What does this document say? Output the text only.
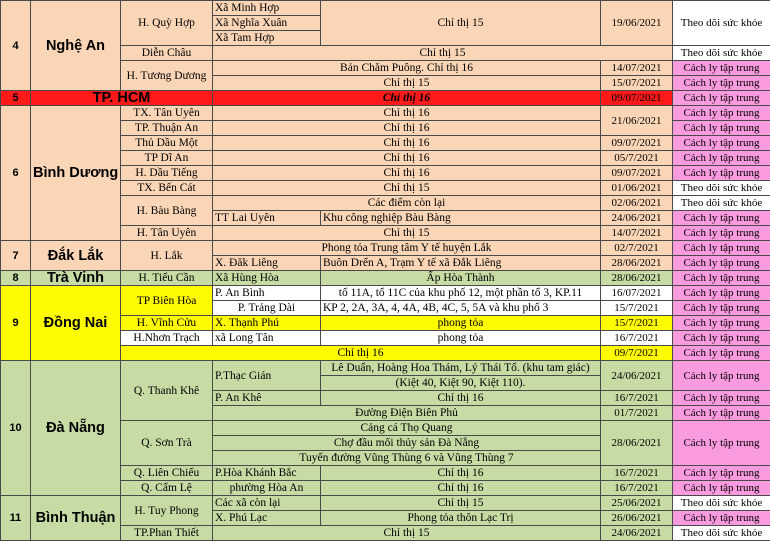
4	Nghệ An	H. Quỳ Hợp	Xã Minh Hợp	Chỉ thị 15	19/06/2021	Theo dõi sức khỏe
			Xã Nghĩa Xuân			
			Xã Tam Hợp			
		Diễn Châu	Chỉ thị 15			Theo dõi sức khỏe
		H. Tương Dương	Bản Chăm Puông. Chỉ thị 16		14/07/2021	Cách ly tập trung
			Chỉ thị 15		15/07/2021	Cách ly tập trung
5	TP. HCM		Chỉ thị 16		09/07/2021	Cách ly tập trung
6	Bình Dương	TX. Tân Uyên	Chỉ thị 16		21/06/2021	Cách ly tập trung
		TP. Thuận An	Chỉ thị 16			Cách ly tập trung
		Thủ Dầu Một	Chỉ thị 16		09/07/2021	Cách ly tập trung
		TP Dĩ An	Chỉ thị 16		05/7/2021	Cách ly tập trung
		H. Dầu Tiếng	Chỉ thị 16		09/07/2021	Cách ly tập trung
		TX. Bến Cát	Chỉ thị 15		01/06/2021	Theo dõi sức khỏe
		H. Bàu Bàng	Các điểm còn lại		02/06/2021	Theo dõi sức khỏe
			TT Lai Uyên	Khu công nghiệp Bàu Bàng	24/06/2021	Cách ly tập trung
		H. Tân Uyên	Chỉ thị 15		14/07/2021	Cách ly tập trung
7	Đắk Lắk	H. Lắk	Phong tỏa Trung tâm Y tế huyện Lắk		02/7/2021	Cách ly tập trung
			X. Đăk Liêng	Buôn Drển A, Trạm Y tế xã Đắk Liêng	28/06/2021	Cách ly tập trung
8	Trà Vinh	H. Tiểu Cần	Xã Hùng Hòa	Ấp Hòa Thành	28/06/2021	Cách ly tập trung
9	Đồng Nai	TP Biên Hòa	P. An Bình	tổ 11A, tổ 11C của khu phố 12, một phần tổ 3, KP.11	16/07/2021	Cách ly tập trung
			P. Trảng Dài	KP 2, 2A, 3A, 4, 4A, 4B, 4C, 5, 5A và khu phố 3	15/7/2021	Cách ly tập trung
		H. Vĩnh Cửu	X. Thạnh Phú	phong tỏa	15/7/2021	Cách ly tập trung
		H.Nhơn Trạch	xã Long Tân	phong tỏa	16/7/2021	Cách ly tập trung
		Chỉ thị 16			09/7/2021	Cách ly tập trung
10	Đà Nẵng	Q. Thanh Khê	P.Thạc Gián	Lê Duẩn, Hoàng Hoa Thám, Lý Thái Tổ. (khu tam giác)	24/06/2021	Cách ly tập trung
				(Kiệt 40, Kiệt 90, Kiệt 110).		
			P. An Khê	Chỉ thị 16	16/7/2021	Cách ly tập trung
			Đường Điện Biên Phủ		01/7/2021	Cách ly tập trung
		Q. Sơn Trà	Cảng cá Thọ Quang		28/06/2021	Cách ly tập trung
			Chợ đầu mối thủy sản Đà Nẵng			
			Tuyến đường Vũng Thùng 6 và Vũng Thùng 7			
		Q. Liên Chiểu	P.Hòa Khánh Bắc	Chỉ thị 16	16/7/2021	Cách ly tập trung
		Q. Cẩm Lệ	phường Hòa An	Chỉ thị 16	16/7/2021	Cách ly tập trung
11	Bình Thuận	H. Tuy Phong	Các xã còn lại	Chỉ thị 15	25/06/2021	Theo dõi sức khỏe
			X. Phú Lạc	Phong tỏa thôn Lạc Trị	26/06/2021	Cách ly tập trung
		TP.Phan Thiết	Chỉ thị 15		24/06/2021	Theo dõi sức khỏe
